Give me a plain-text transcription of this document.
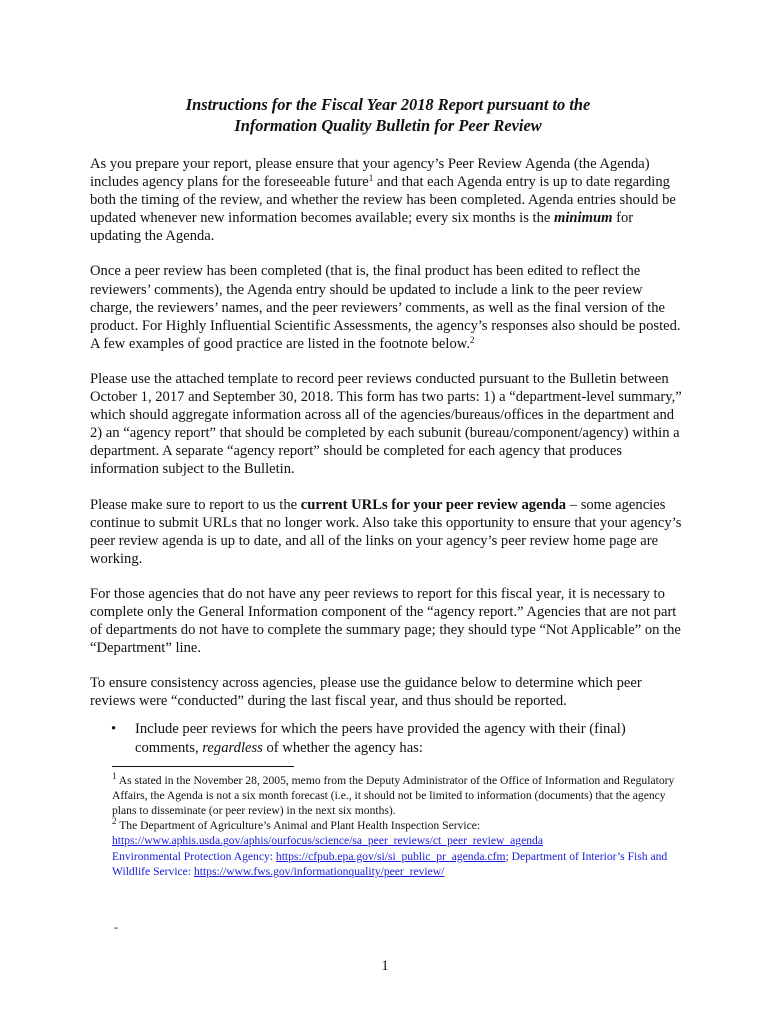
Instructions for the Fiscal Year 2018 Report pursuant to the
Information Quality Bulletin for Peer Review

As you prepare your report, please ensure that your agency’s Peer Review Agenda (the Agenda) includes agency plans for the foreseeable future$^1$ and that each Agenda entry is up to date regarding both the timing of the review, and whether the review has been completed. Agenda entries should be updated whenever new information becomes available; every six months is the minimum for updating the Agenda.

Once a peer review has been completed (that is, the final product has been edited to reflect the reviewers’ comments), the Agenda entry should be updated to include a link to the peer review charge, the reviewers’ names, and the peer reviewers’ comments, as well as the final version of the product. For Highly Influential Scientific Assessments, the agency’s responses also should be posted. A few examples of good practice are listed in the footnote below.$^2$

Please use the attached template to record peer reviews conducted pursuant to the Bulletin between October 1, 2017 and September 30, 2018. This form has two parts: 1) a “department-level summary,” which should aggregate information across all of the agencies/bureaus/offices in the department and 2) an “agency report” that should be completed by each subunit (bureau/component/agency) within a department. A separate “agency report” should be completed for each agency that produces information subject to the Bulletin.

Please make sure to report to us the current URLs for your peer review agenda – some agencies continue to submit URLs that no longer work. Also take this opportunity to ensure that your agency’s peer review agenda is up to date, and all of the links on your agency’s peer review home page are working.

For those agencies that do not have any peer reviews to report for this fiscal year, it is necessary to complete only the General Information component of the “agency report.” Agencies that are not part of departments do not have to complete the summary page; they should type “Not Applicable” on the “Department” line.

To ensure consistency across agencies, please use the guidance below to determine which peer reviews were “conducted” during the last fiscal year, and thus should be reported.

• Include peer reviews for which the peers have provided the agency with their (final) comments, regardless of whether the agency has:

$^1$ As stated in the November 28, 2005, memo from the Deputy Administrator of the Office of Information and Regulatory Affairs, the Agenda is not a six month forecast (i.e., it should not be limited to information (documents) that the agency plans to disseminate (or peer review) in the next six months).

$^2$ The Department of Agriculture’s Animal and Plant Health Inspection Service:
https://www.aphis.usda.gov/aphis/ourfocus/science/sa_peer_reviews/ct_peer_review_agenda
Environmental Protection Agency: https://cfpub.epa.gov/si/si_public_pr_agenda.cfm; Department of Interior’s Fish and Wildlife Service: https://www.fws.gov/informationquality/peer_review/

-
1
